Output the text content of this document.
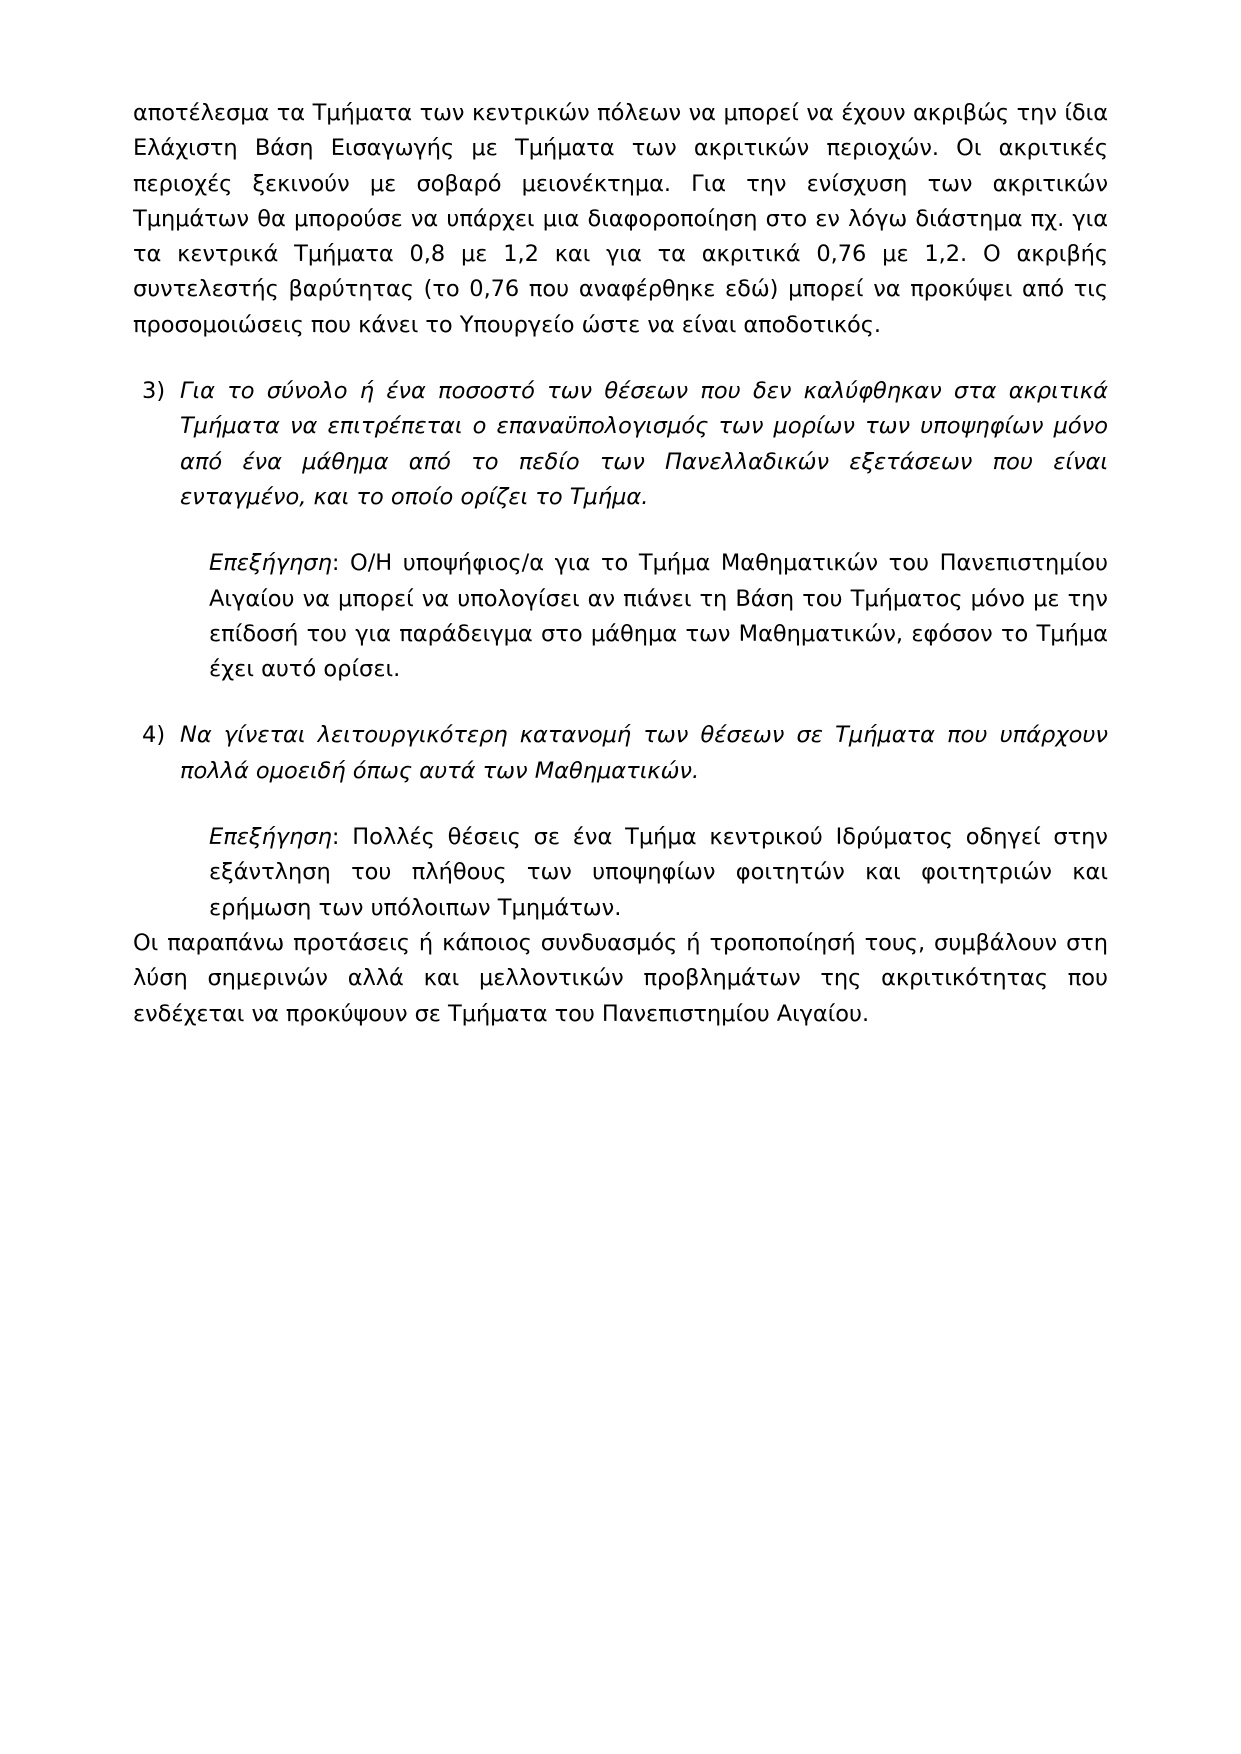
αποτέλεσμα τα Τμήματα των κεντρικών πόλεων να μπορεί να έχουν ακριβώς την ίδια Ελάχιστη Βάση Εισαγωγής με Τμήματα των ακριτικών περιοχών. Οι ακριτικές περιοχές ξεκινούν με σοβαρό μειονέκτημα. Για την ενίσχυση των ακριτικών Τμημάτων θα μπορούσε να υπάρχει μια διαφοροποίηση στο εν λόγω διάστημα πχ. για τα κεντρικά Τμήματα 0,8 με 1,2 και για τα ακριτικά 0,76 με 1,2. Ο ακριβής συντελεστής βαρύτητας (το 0,76 που αναφέρθηκε εδώ) μπορεί να προκύψει από τις προσομοιώσεις που κάνει το Υπουργείο ώστε να είναι αποδοτικός.

3) Για το σύνολο ή ένα ποσοστό των θέσεων που δεν καλύφθηκαν στα ακριτικά Τμήματα να επιτρέπεται ο επαναϋπολογισμός των μορίων των υποψηφίων μόνο από ένα μάθημα από το πεδίο των Πανελλαδικών εξετάσεων που είναι ενταγμένο, και το οποίο ορίζει το Τμήμα.

Επεξήγηση: Ο/Η υποψήφιος/α για το Τμήμα Μαθηματικών του Πανεπιστημίου Αιγαίου να μπορεί να υπολογίσει αν πιάνει τη Βάση του Τμήματος μόνο με την επίδοσή του για παράδειγμα στο μάθημα των Μαθηματικών, εφόσον το Τμήμα έχει αυτό ορίσει.

4) Να γίνεται λειτουργικότερη κατανομή των θέσεων σε Τμήματα που υπάρχουν πολλά ομοειδή όπως αυτά των Μαθηματικών.

Επεξήγηση: Πολλές θέσεις σε ένα Τμήμα κεντρικού Ιδρύματος οδηγεί στην εξάντληση του πλήθους των υποψηφίων φοιτητών και φοιτητριών και ερήμωση των υπόλοιπων Τμημάτων.

Οι παραπάνω προτάσεις ή κάποιος συνδυασμός ή τροποποίησή τους, συμβάλουν στη λύση σημερινών αλλά και μελλοντικών προβλημάτων της ακριτικότητας που ενδέχεται να προκύψουν σε Τμήματα του Πανεπιστημίου Αιγαίου.
